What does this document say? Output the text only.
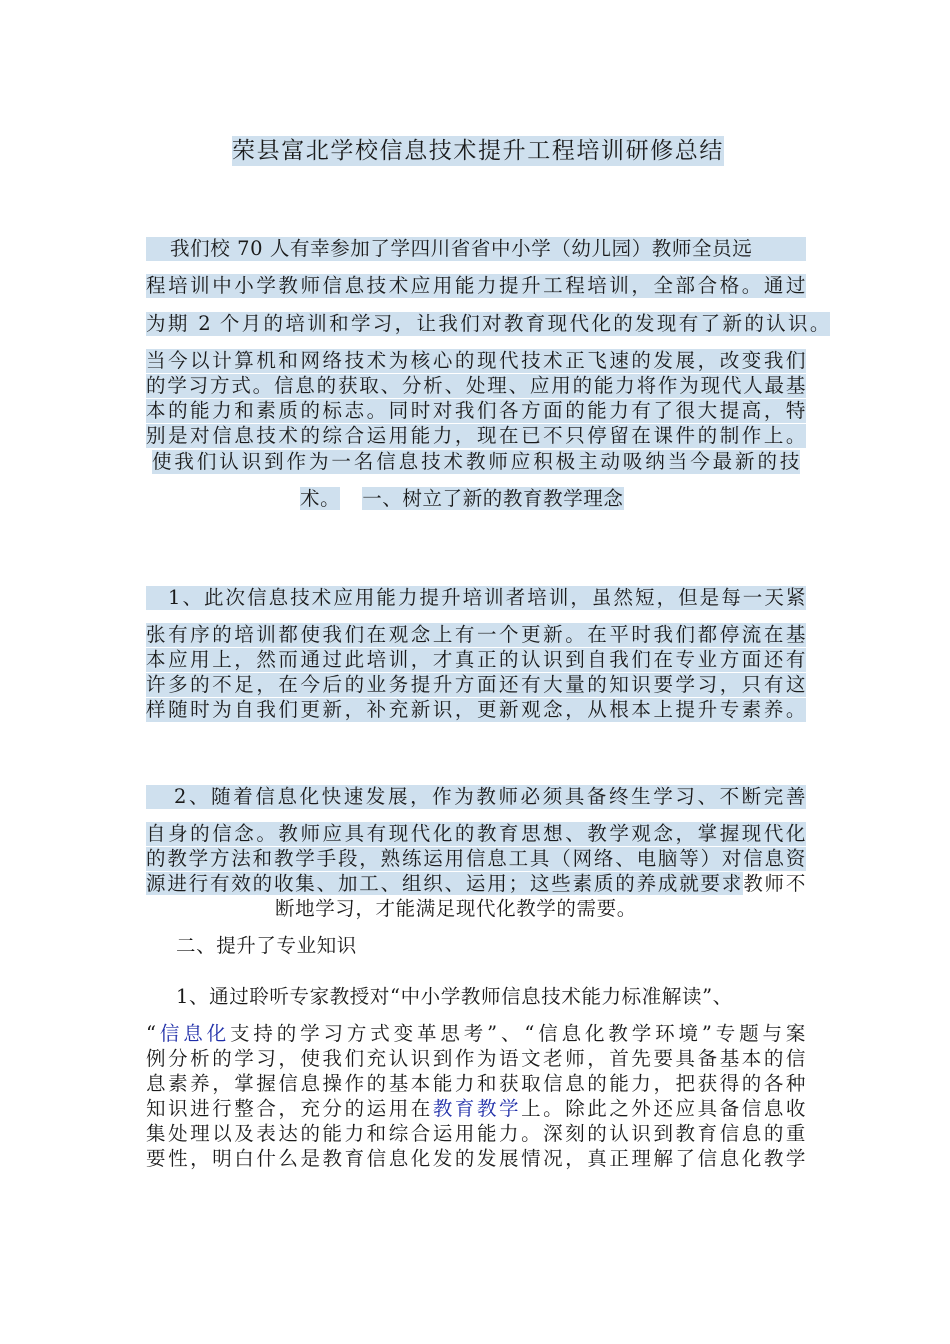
荣县富北学校信息技术提升工程培训研修总结
我们校 70 人有幸参加了学四川省省中小学（幼儿园）教师全员远
程培训中小学教师信息技术应用能力提升工程培训，全部合格。通过
为期 2 个月的培训和学习，让我们对教育现代化的发现有了新的认识。
当今以计算机和网络技术为核心的现代技术正飞速的发展，改变我们
的学习方式。信息的获取、分析、处理、应用的能力将作为现代人最基
本的能力和素质的标志。同时对我们各方面的能力有了很大提高，特
别是对信息技术的综合运用能力，现在已不只停留在课件的制作上。
使我们认识到作为一名信息技术教师应积极主动吸纳当今最新的技
术。 一、树立了新的教育教学理念
1、此次信息技术应用能力提升培训者培训，虽然短，但是每一天紧
张有序的培训都使我们在观念上有一个更新。在平时我们都停流在基
本应用上，然而通过此培训，才真正的认识到自我们在专业方面还有
许多的不足，在今后的业务提升方面还有大量的知识要学习，只有这
样随时为自我们更新，补充新识，更新观念，从根本上提升专素养。
2、随着信息化快速发展，作为教师必须具备终生学习、不断完善
自身的信念。教师应具有现代化的教育思想、教学观念，掌握现代化
的教学方法和教学手段，熟练运用信息工具（网络、电脑等）对信息资
源进行有效的收集、加工、组织、运用；这些素质的养成就要求教师不
断地学习，才能满足现代化教学的需要。
二、提升了专业知识
1、通过聆听专家教授对“中小学教师信息技术能力标准解读”、
“信息化支持的学习方式变革思考”、“信息化教学环境”专题与案
例分析的学习，使我们充认识到作为语文老师，首先要具备基本的信
息素养，掌握信息操作的基本能力和获取信息的能力，把获得的各种
知识进行整合，充分的运用在教育教学上。除此之外还应具备信息收
集处理以及表达的能力和综合运用能力。深刻的认识到教育信息的重
要性，明白什么是教育信息化发的发展情况，真正理解了信息化教学
